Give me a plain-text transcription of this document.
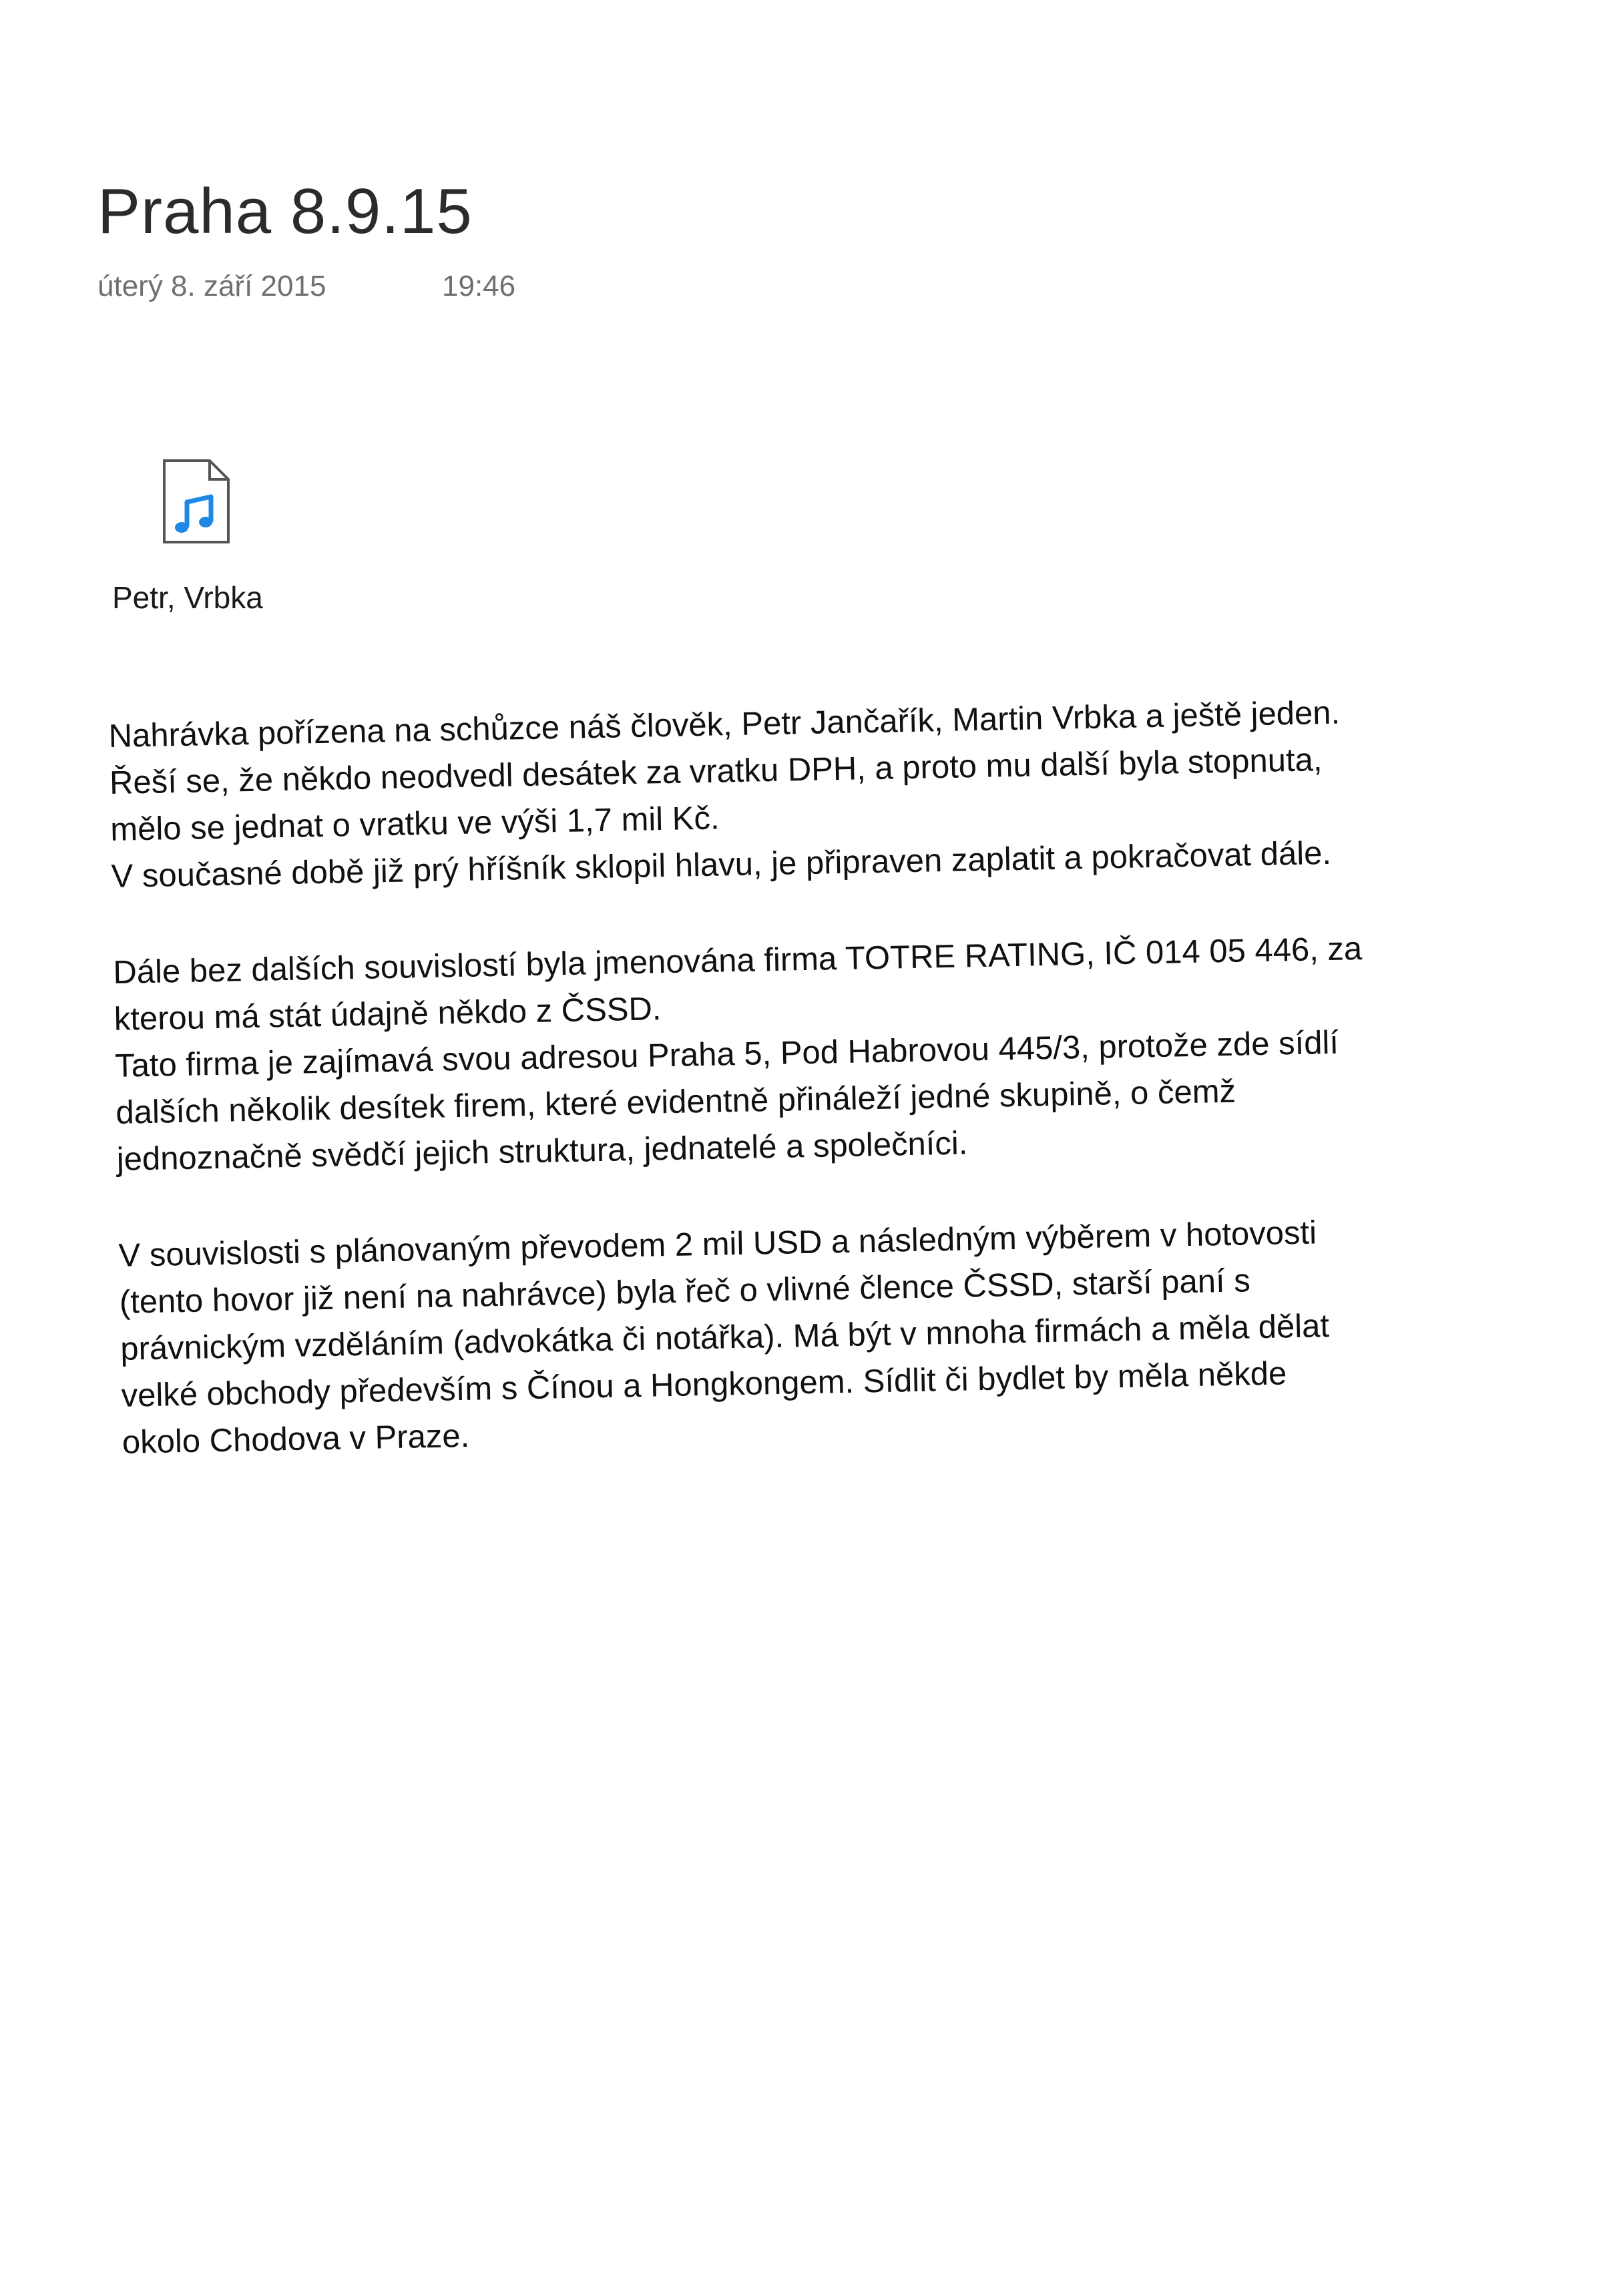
Praha 8.9.15
úterý 8. září 2015	19:46
Petr, Vrbka
Nahrávka pořízena na schůzce náš člověk, Petr Jančařík, Martin Vrbka a ještě jeden.
Řeší se, že někdo neodvedl desátek za vratku DPH, a proto mu další byla stopnuta,
mělo se jednat o vratku ve výši 1,7 mil Kč.
V současné době již prý hříšník sklopil hlavu, je připraven zaplatit a pokračovat dále.
Dále bez dalších souvislostí byla jmenována firma TOTRE RATING, IČ 014 05 446, za
kterou má stát údajně někdo z ČSSD.
Tato firma je zajímavá svou adresou Praha 5, Pod Habrovou 445/3, protože zde sídlí
dalších několik desítek firem, které evidentně přináleží jedné skupině, o čemž
jednoznačně svědčí jejich struktura, jednatelé a společníci.
V souvislosti s plánovaným převodem 2 mil USD a následným výběrem v hotovosti
(tento hovor již není na nahrávce) byla řeč o vlivné člence ČSSD, starší paní s
právnickým vzděláním (advokátka či notářka). Má být v mnoha firmách a měla dělat
velké obchody především s Čínou a Hongkongem. Sídlit či bydlet by měla někde
okolo Chodova v Praze.
